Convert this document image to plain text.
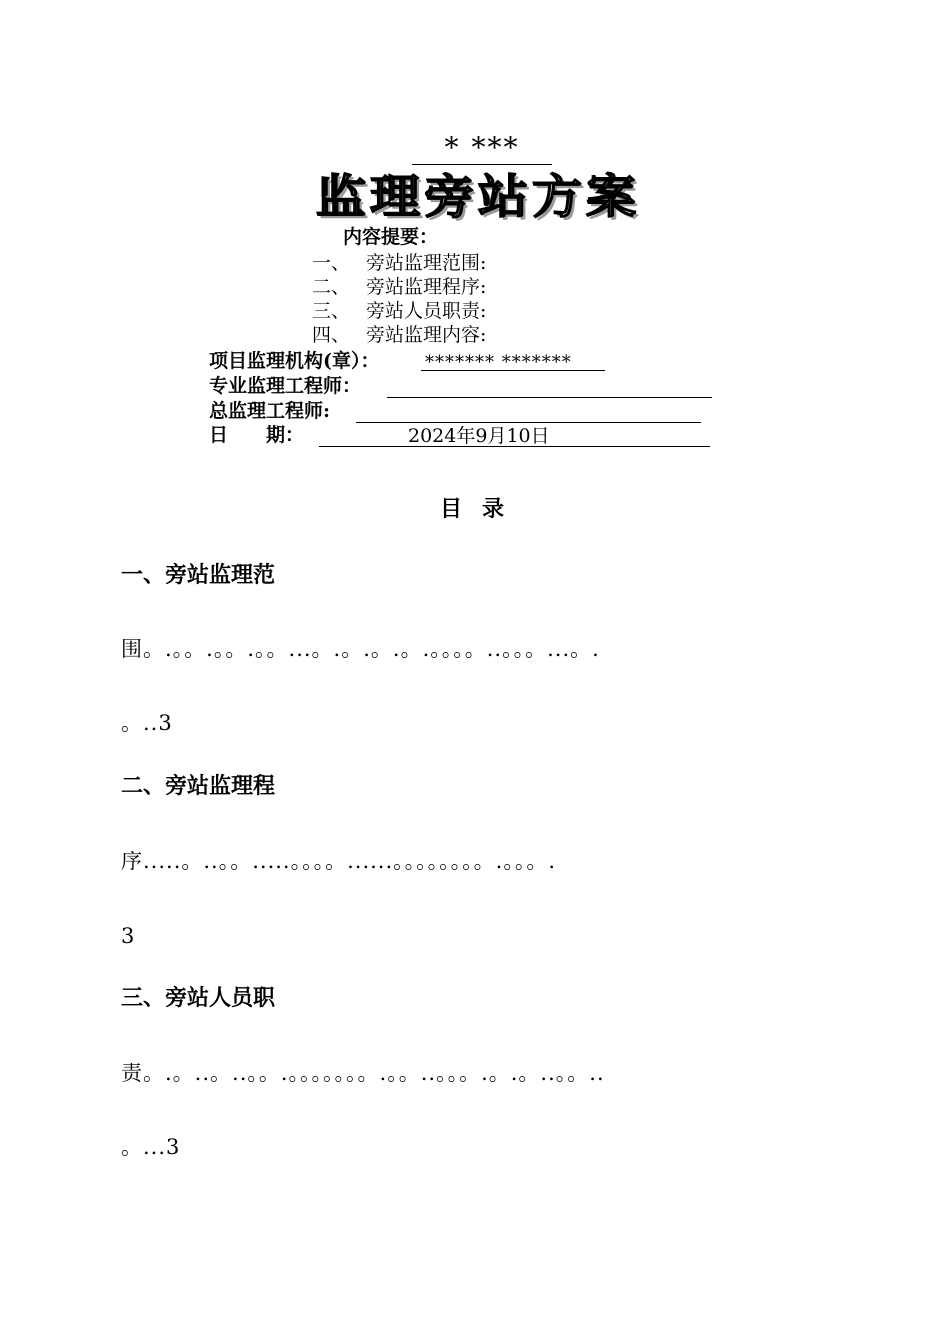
* ***
监理旁站方案
内容提要：
一、 旁站监理范围:
二、 旁站监理程序:
三、 旁站人员职责:
四、 旁站监理内容:
项目监理机构(章）：	******* *******
专业监理工程师：
总监理工程师:
日　　期：	2024年9月10日
目录
一、旁站监理范
围。.。。.。。.。。...。.。.。.。.。。。。..。。。...。.
。..3
二、旁站监理程
序.....。..。。.....。。。。......。。。。。。。。.。。。.
3
三、旁站人员职
责。.。..。..。。.。。。。。。。.。。..。。。.。.。..。。..
。...3
